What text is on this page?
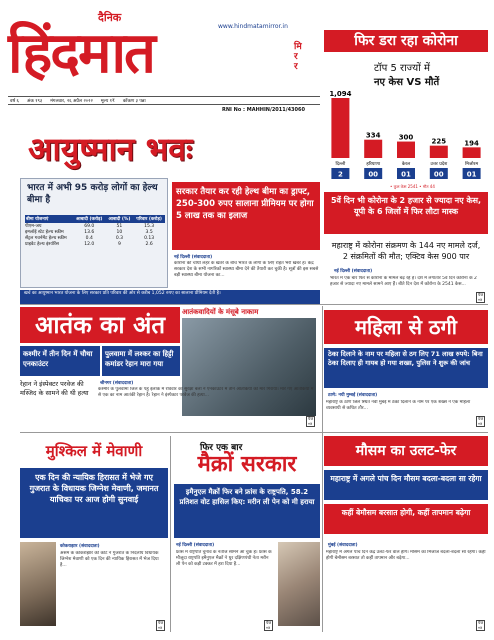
दैनिक
www.hindmatamirror.in
हिंदमात	मि
र
र
वर्ष ६ अंक १९३ मंगलवार, २६ अप्रैल २०२२ मूल्य १₹ कोंकण ३ पन्ना
RNI No : MAHHIN/2011/43060
फिर डरा रहा कोरोना
टॉप 5 राज्यों में
नए केस VS मौतें
1,094
दिल्ली
2
334
हरियाणा
00
300
केरल
01
225
उत्तर प्रदेश
00
194
मिजोरम
01
• कुल केस 2541 • मौत 44
5वें दिन भी कोरोना के 2 हजार से ज्यादा नए केस, यूपी के 6 जिलों में फिर लौटा मास्क
महाराष्ट्र में कोरोना संक्रमण के 144 नए मामले दर्ज, 2 संक्रमितों की मौत; एक्टिव केस 900 पार
नई दिल्ली (संवाददाता)
भारत में एक बार फिर से कोरोना के मामले बढ़ रहे हैं। देश में लगातार 5वें दिन कोरोना के 2 हजार से ज्यादा नए मामले सामने आए हैं। बीते दिन देश में कोरोना के 2541 केस...
पेज
०४
आयुष्मान भवः
भारत में अभी 95 करोड़ लोगों का हेल्थ बीमा है
बीमा योजनाएं	आबादी (करोड़)	आबादी (%)	परिवार (करोड़)
पीएम-जय	69.0	51	15.3
इम्प्लॉई स्टेट हेल्थ स्कीम	13.6	10	3.5
सेंट्रल गवर्नमेंट हेल्थ स्कीम	0.4	0.3	0.13
प्राइवेट हेल्थ इंश्योरेंस	12.0	9	2.6
खर्च का आयुष्मान भारत योजना के लिए सरकार प्रति परिवार की ओर से करीब 1,052 रुपए का सालाना प्रीमियम देती है।
सरकार तैयार कर रही हेल्थ बीमा का ड्राफ्ट, 250-300 रुपए सालाना प्रीमियम पर होगा 5 लाख तक का इलाज
नई दिल्ली (संवाददाता)
कोरोना की चौथी लहर के खतरे के बीच भारत के लोगों के लिए राहत भरी खबर है। केंद्र सरकार देश के सभी नागरिकों स्वास्थ्य बीमा देने की तैयारी कर चुकी है। सूत्रों की इस सबसे बड़ी स्वास्थ्य बीमा योजना का...
आतंक का अंत	आतंकवादियों के मंसूबे नाकाम
कश्मीर में तीन दिन में चौथा एनकाउंटर
पुलवामा में लश्कर का हिट्टी कमांडर रेहान मारा गया
रेहान ने इंस्पेक्टर परवेज की मस्जिद के सामने की थी हत्या
श्रीनगर (संवाददाता)
कश्मीर के पुलवामा जिले के पहु इलाके में रविवार को सुरक्षा बलों ने एनकाउंटर में तीन आतंकियों को मार गिराया। मारे गए आतंकियों में से एक का नाम आतंकी रेहान है। रेहान ने इंस्पेक्टर परवेज की हत्या...
पेज
०४
महिला से ठगी
ठेका दिलाने के नाम पर महिला से ठग लिए 71 लाख रुपये: बिना ठेका दिलाए ही गायब हो गया शख्स, पुलिस ने शुरू की जांच
ठाणे: नयी मुम्बई (संवाददाता)
महाराष्ट्र के ठाणे जिले स्थित नवी मुंबई में ठेका दिलाने के नाम पर एक शख्स ने एक महिला व्यवसायी से कथित तौर...
पेज
०४
मुश्किल में मेवाणी
एक दिन की न्यायिक हिरासत में भेजे गए गुजरात के विधायक जिग्नेश मेवाणी, जमानत याचिका पर आज होगी सुनवाई
कोकराझार (संवाददाता)
असम के कोकराझार की कोर्ट ने गुजरात के निर्दलीय विधायक जिग्नेश मेवाणी को एक दिन की न्यायिक हिरासत में भेज दिया है...
पेज
०४
फिर एक बार
मैक्रों सरकार
इमैनुएल मैक्रों फिर बने फ्रांस के राष्ट्रपति, 58.2 प्रतिशत वोट हासिल किए: मरीन ली पेन को मी हराया
नई दिल्ली (संवाददाता)
फ्रांस में राष्ट्रपति चुनाव के नतीजे सामने आ चुके हैं। फ्रांस के मौजूदा राष्ट्रपति इमैनुएल मैक्रों ने धुर दक्षिणपंथी नेता मरीन ली पेन को कड़ी टक्कर में हरा दिया है...
पेज
०४
मौसम का उलट-फेर
महाराष्ट्र में अगले पांच दिन मौसम बदला-बदला सा रहेगा
कहीं बेमौसम बरसात होगी, कहीं तापमान बढ़ेगा
मुंबई (संवाददाता)
महाराष्ट्र में अगले पांच दिन केंद्र उलट-फेर वाले होंगे। मौसम का मिजाज बदला-बदला सा रहेगा। कहीं होगी बेमौसम बरसात तो कहीं तापमान और बढ़ेगा...
पेज
०४
